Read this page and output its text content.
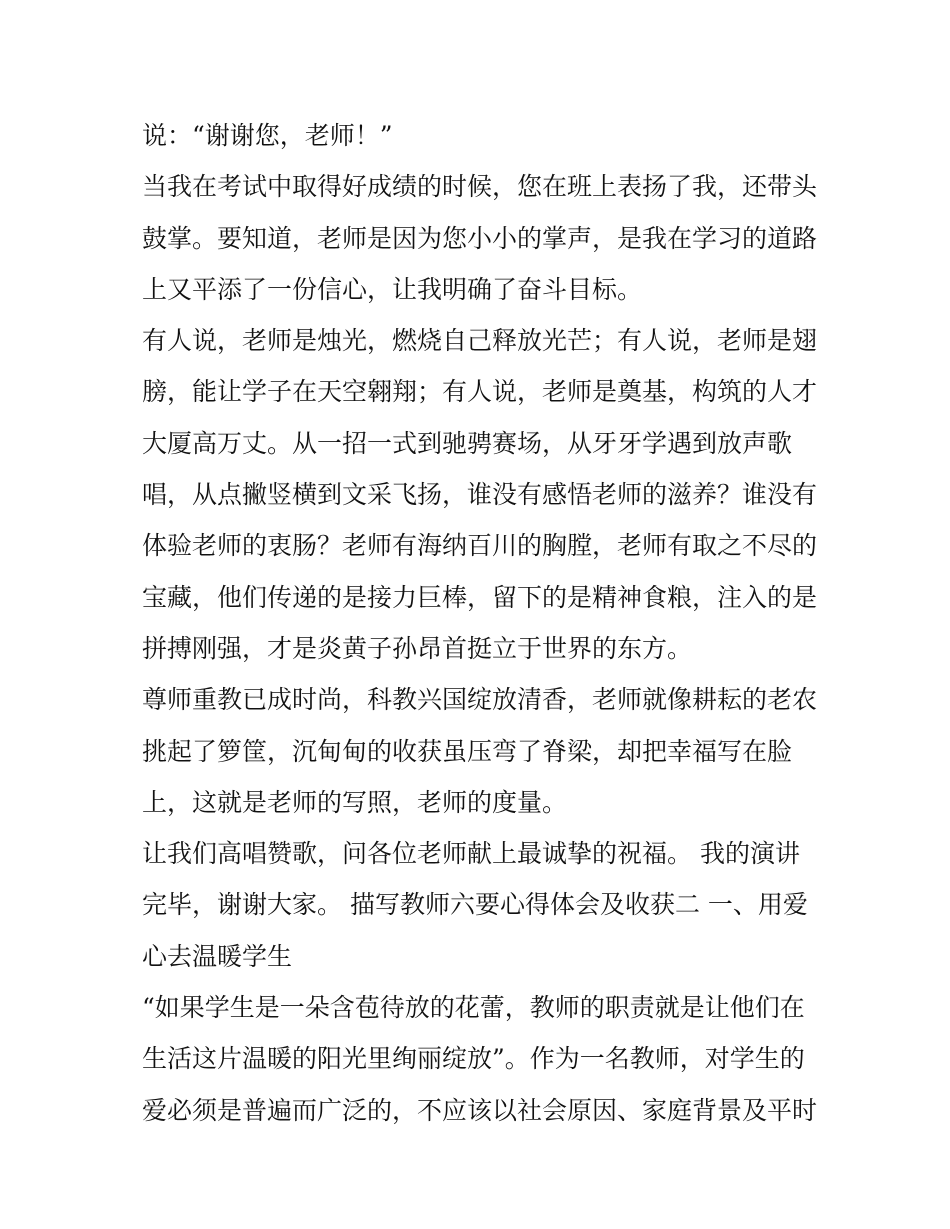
说：“谢谢您，老师！”
当我在考试中取得好成绩的时候，您在班上表扬了我，还带头
鼓掌。要知道，老师是因为您小小的掌声，是我在学习的道路
上又平添了一份信心，让我明确了奋斗目标。
有人说，老师是烛光，燃烧自己释放光芒；有人说，老师是翅
膀，能让学子在天空翱翔；有人说，老师是奠基，构筑的人才
大厦高万丈。从一招一式到驰骋赛场，从牙牙学遇到放声歌
唱，从点撇竖横到文采飞扬，谁没有感悟老师的滋养？谁没有
体验老师的衷肠？老师有海纳百川的胸膛，老师有取之不尽的
宝藏，他们传递的是接力巨棒，留下的是精神食粮，注入的是
拼搏刚强，才是炎黄子孙昂首挺立于世界的东方。
尊师重教已成时尚，科教兴国绽放清香，老师就像耕耘的老农
挑起了箩筐，沉甸甸的收获虽压弯了脊梁，却把幸福写在脸
上，这就是老师的写照，老师的度量。
让我们高唱赞歌，问各位老师献上最诚挚的祝福。 我的演讲
完毕，谢谢大家。 描写教师六要心得体会及收获二 一、用爱
心去温暖学生
“如果学生是一朵含苞待放的花蕾，教师的职责就是让他们在
生活这片温暖的阳光里绚丽绽放”。作为一名教师，对学生的
爱必须是普遍而广泛的，不应该以社会原因、家庭背景及平时
